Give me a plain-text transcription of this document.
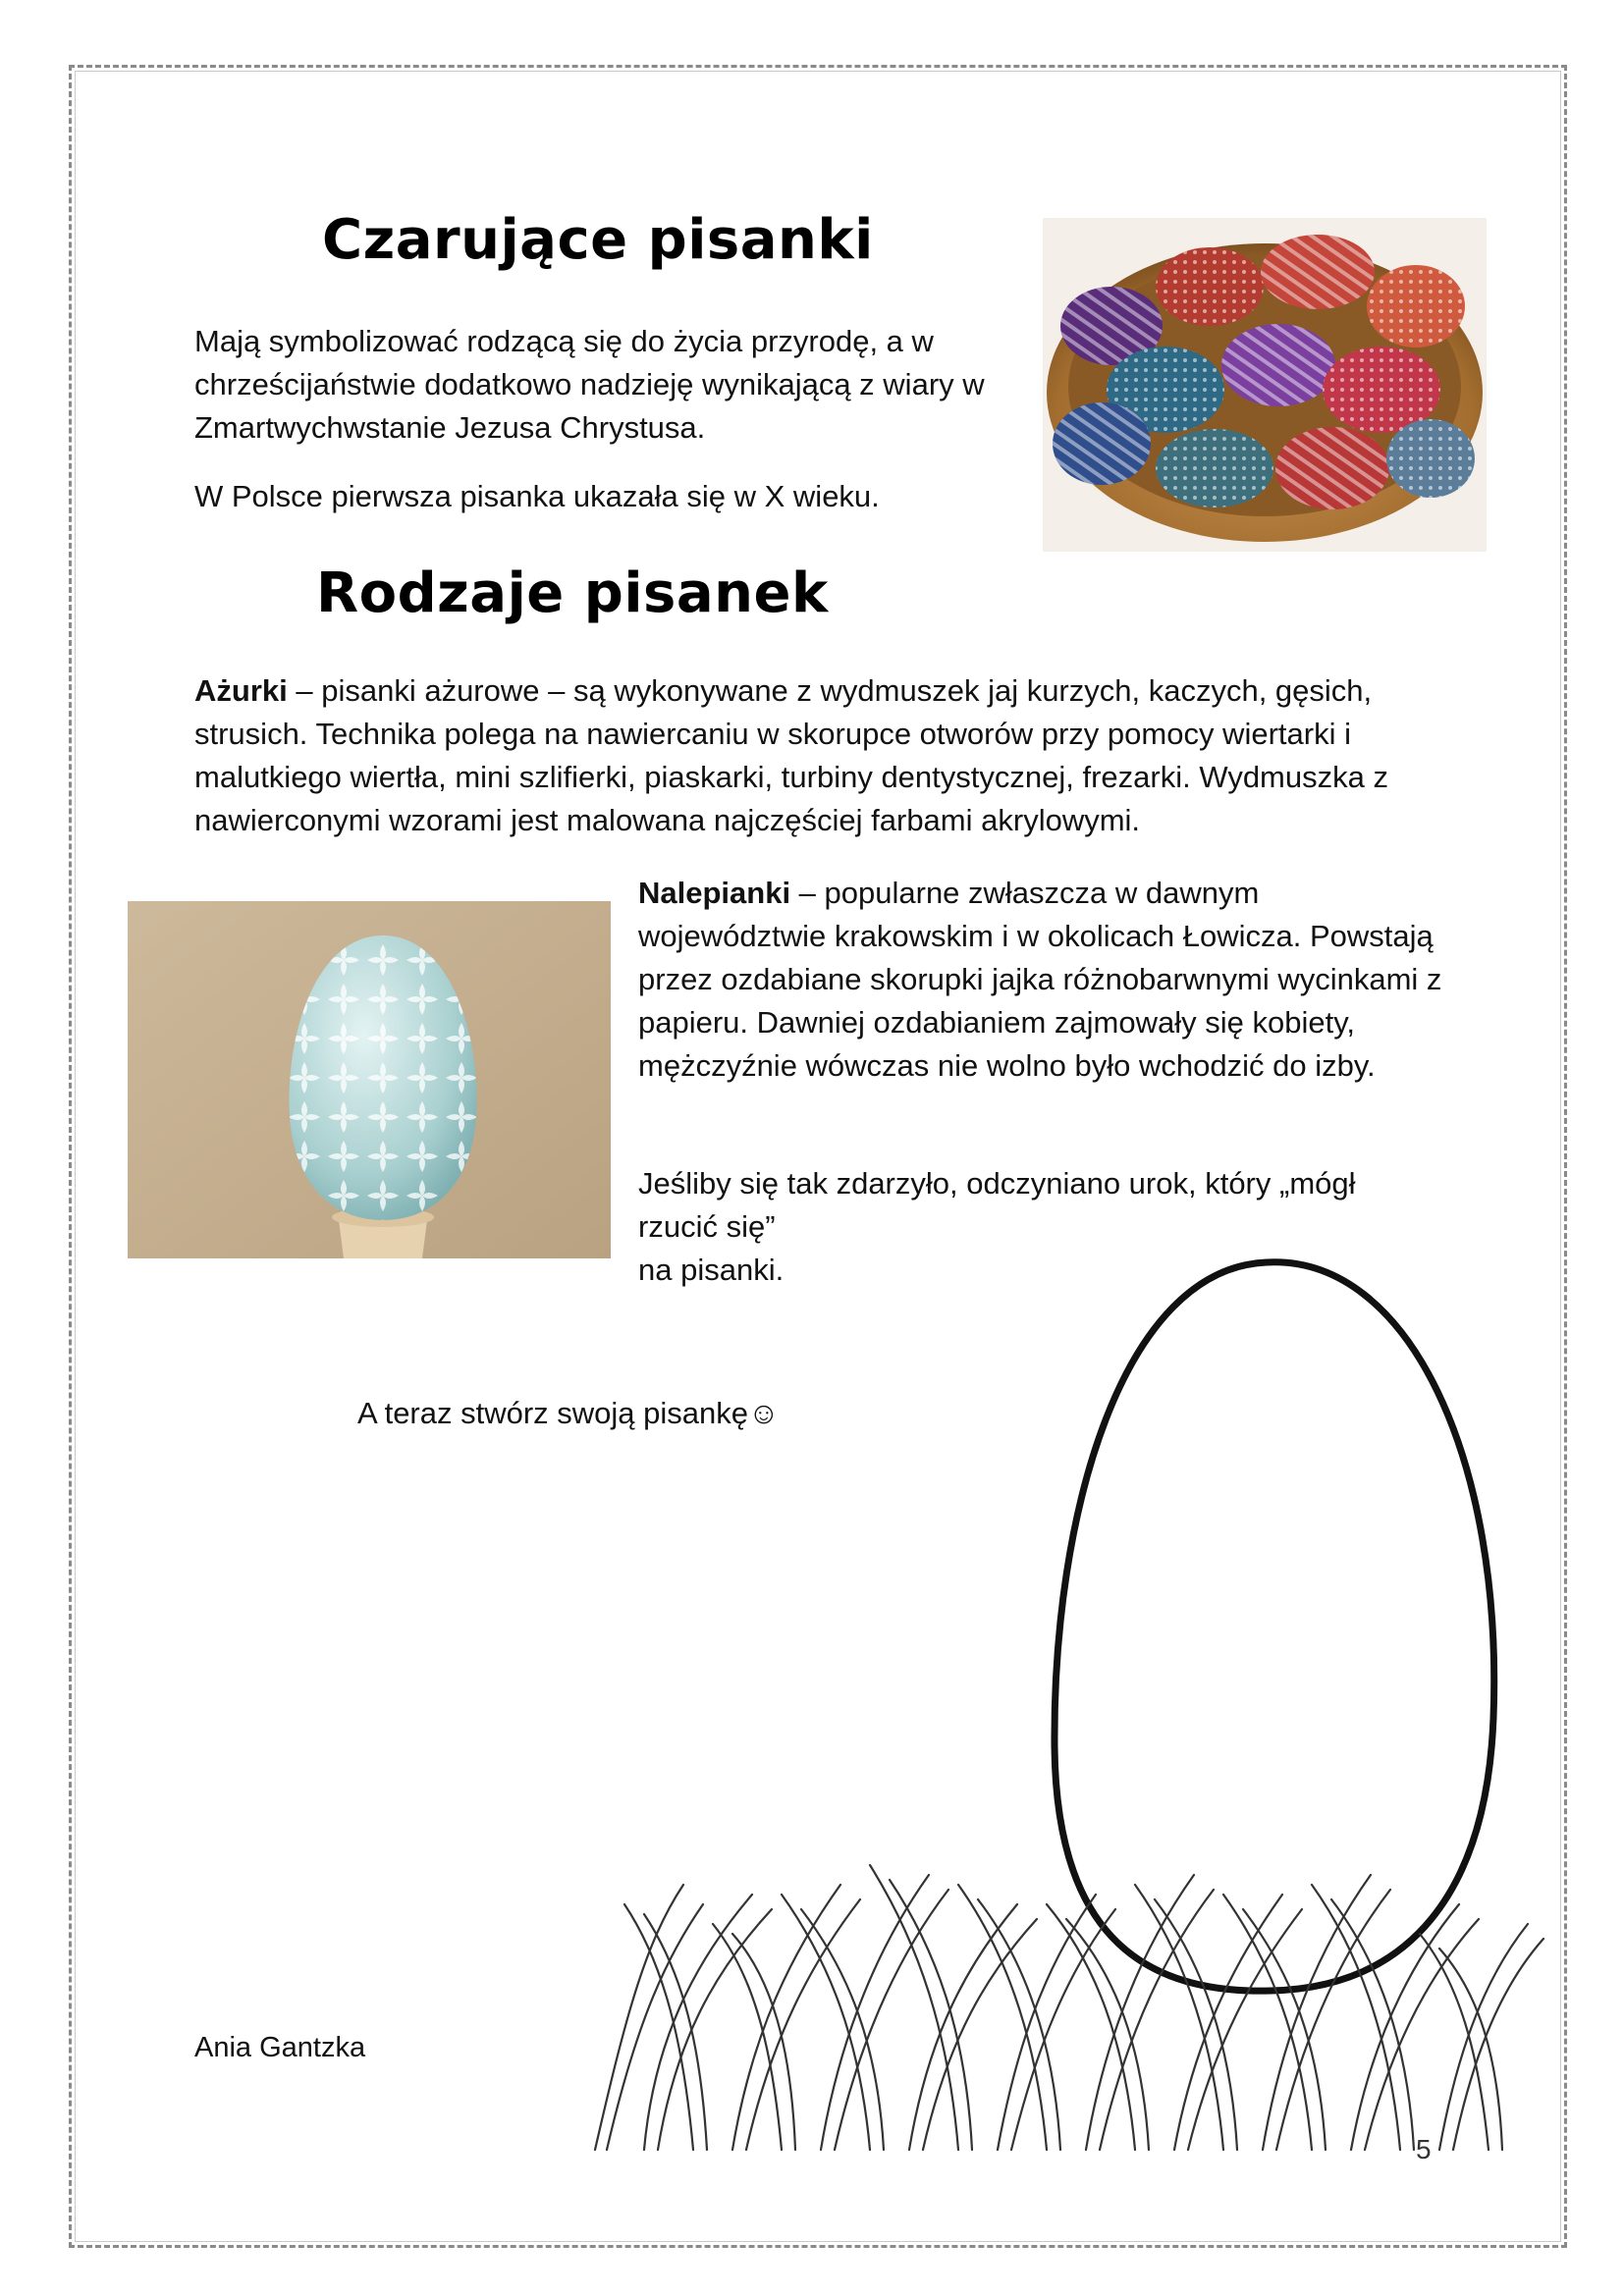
Czarujące pisanki

Mają symbolizować rodzącą się do życia przyrodę, a w chrześcijaństwie dodatkowo nadzieję wynikającą z wiary w Zmartwychwstanie Jezusa Chrystusa.

W Polsce pierwsza pisanka ukazała się w X wieku.

Rodzaje pisanek

Ażurki – pisanki ażurowe – są wykonywane z wydmuszek jaj kurzych, kaczych, gęsich, strusich. Technika polega na nawiercaniu w skorupce otworów przy pomocy wiertarki i malutkiego wiertła, mini szlifierki, piaskarki, turbiny dentystycznej, frezarki. Wydmuszka z nawierconymi wzorami jest malowana najczęściej farbami akrylowymi.

Nalepianki – popularne zwłaszcza w dawnym województwie krakowskim i w okolicach Łowicza. Powstają przez ozdabiane skorupki jajka różnobarwnymi wycinkami z papieru. Dawniej ozdabianiem zajmowały się kobiety, mężczyźnie wówczas nie wolno było wchodzić do izby.

Jeśliby się tak zdarzyło, odczyniano urok, który „mógł
rzucić się”
na pisanki.

A teraz stwórz swoją pisankę☺

Ania Gantzka

5
